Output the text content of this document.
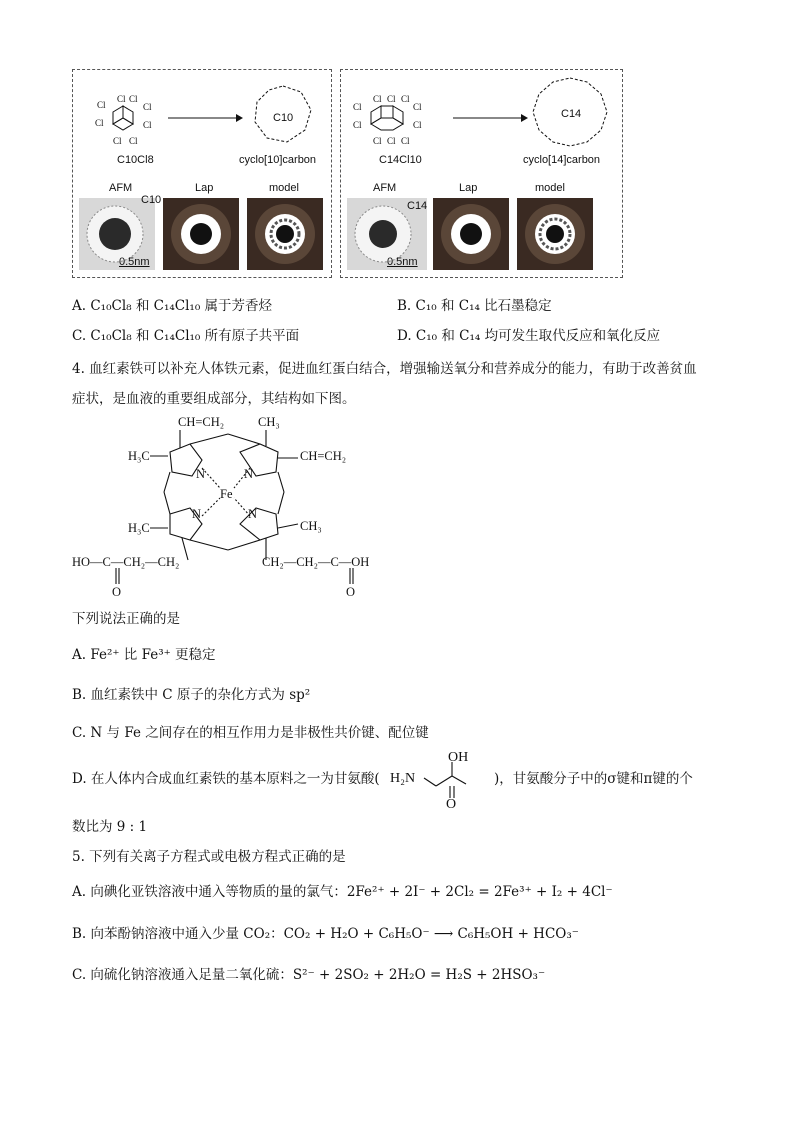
Cl Cl
Cl	Cl
Cl	Cl
Cl Cl
C10Cl8
C10
cyclo[10]carbon
AFM	Lap	model
C10
0.5nm
Cl Cl Cl
Cl	Cl
Cl	Cl
Cl Cl Cl
C14Cl10
C14
cyclo[14]carbon
AFM	Lap	model
C14
0.5nm
A. C₁₀Cl₈ 和 C₁₄Cl₁₀ 属于芳香烃	B. C₁₀ 和 C₁₄ 比石墨稳定
C. C₁₀Cl₈ 和 C₁₄Cl₁₀ 所有原子共平面	D. C₁₀ 和 C₁₄ 均可发生取代反应和氧化反应
4. 血红素铁可以补充人体铁元素，促进血红蛋白结合，增强输送氧分和营养成分的能力，有助于改善贫血
症状，是血液的重要组成部分，其结构如下图。
CH=CH₂	CH₃
H₃C	CH=CH₂
N	N
Fe
N	N
H₃C	CH₃
HO—C—CH₂—CH₂	CH₂—CH₂—C—OH
O	O
下列说法正确的是
A. Fe²⁺ 比 Fe³⁺ 更稳定
B. 血红素铁中 C 原子的杂化方式为 sp²
C. N 与 Fe 之间存在的相互作用力是非极性共价键、配位键
D. 在人体内合成血红素铁的基本原料之一为甘氨酸(
OH
H₂N
O
)，甘氨酸分子中的σ键和π键的个
数比为 9 : 1
5. 下列有关离子方程式或电极方程式正确的是
A. 向碘化亚铁溶液中通入等物质的量的氯气：2Fe²⁺ + 2I⁻ + 2Cl₂ = 2Fe³⁺ + I₂ + 4Cl⁻
B. 向苯酚钠溶液中通入少量 CO₂：CO₂ + H₂O + C₆H₅O⁻ ⟶ C₆H₅OH + HCO₃⁻
C. 向硫化钠溶液通入足量二氧化硫：S²⁻ + 2SO₂ + 2H₂O = H₂S + 2HSO₃⁻
